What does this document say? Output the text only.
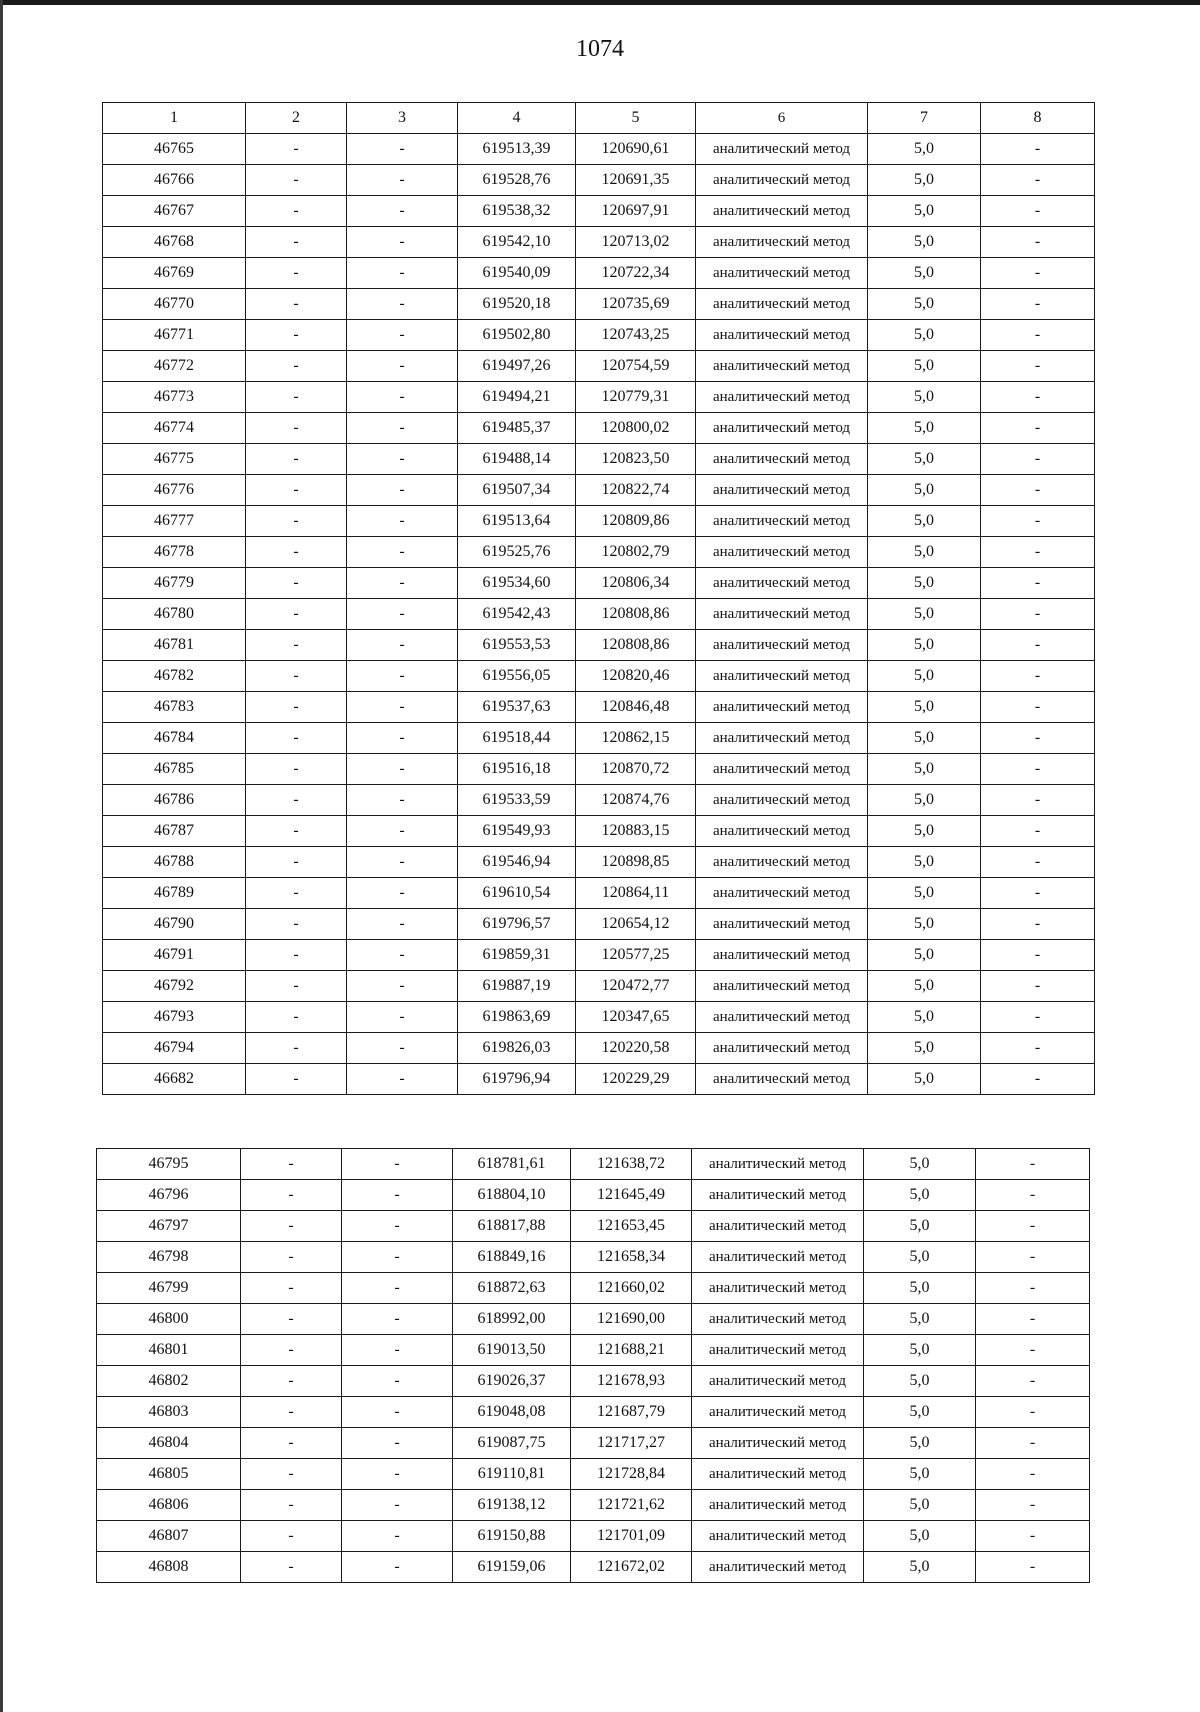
1074
1	2	3	4	5	6	7	8
46765	-	-	619513,39	120690,61	аналитический метод	5,0	-
46766	-	-	619528,76	120691,35	аналитический метод	5,0	-
46767	-	-	619538,32	120697,91	аналитический метод	5,0	-
46768	-	-	619542,10	120713,02	аналитический метод	5,0	-
46769	-	-	619540,09	120722,34	аналитический метод	5,0	-
46770	-	-	619520,18	120735,69	аналитический метод	5,0	-
46771	-	-	619502,80	120743,25	аналитический метод	5,0	-
46772	-	-	619497,26	120754,59	аналитический метод	5,0	-
46773	-	-	619494,21	120779,31	аналитический метод	5,0	-
46774	-	-	619485,37	120800,02	аналитический метод	5,0	-
46775	-	-	619488,14	120823,50	аналитический метод	5,0	-
46776	-	-	619507,34	120822,74	аналитический метод	5,0	-
46777	-	-	619513,64	120809,86	аналитический метод	5,0	-
46778	-	-	619525,76	120802,79	аналитический метод	5,0	-
46779	-	-	619534,60	120806,34	аналитический метод	5,0	-
46780	-	-	619542,43	120808,86	аналитический метод	5,0	-
46781	-	-	619553,53	120808,86	аналитический метод	5,0	-
46782	-	-	619556,05	120820,46	аналитический метод	5,0	-
46783	-	-	619537,63	120846,48	аналитический метод	5,0	-
46784	-	-	619518,44	120862,15	аналитический метод	5,0	-
46785	-	-	619516,18	120870,72	аналитический метод	5,0	-
46786	-	-	619533,59	120874,76	аналитический метод	5,0	-
46787	-	-	619549,93	120883,15	аналитический метод	5,0	-
46788	-	-	619546,94	120898,85	аналитический метод	5,0	-
46789	-	-	619610,54	120864,11	аналитический метод	5,0	-
46790	-	-	619796,57	120654,12	аналитический метод	5,0	-
46791	-	-	619859,31	120577,25	аналитический метод	5,0	-
46792	-	-	619887,19	120472,77	аналитический метод	5,0	-
46793	-	-	619863,69	120347,65	аналитический метод	5,0	-
46794	-	-	619826,03	120220,58	аналитический метод	5,0	-
46682	-	-	619796,94	120229,29	аналитический метод	5,0	-
46795	-	-	618781,61	121638,72	аналитический метод	5,0	-
46796	-	-	618804,10	121645,49	аналитический метод	5,0	-
46797	-	-	618817,88	121653,45	аналитический метод	5,0	-
46798	-	-	618849,16	121658,34	аналитический метод	5,0	-
46799	-	-	618872,63	121660,02	аналитический метод	5,0	-
46800	-	-	618992,00	121690,00	аналитический метод	5,0	-
46801	-	-	619013,50	121688,21	аналитический метод	5,0	-
46802	-	-	619026,37	121678,93	аналитический метод	5,0	-
46803	-	-	619048,08	121687,79	аналитический метод	5,0	-
46804	-	-	619087,75	121717,27	аналитический метод	5,0	-
46805	-	-	619110,81	121728,84	аналитический метод	5,0	-
46806	-	-	619138,12	121721,62	аналитический метод	5,0	-
46807	-	-	619150,88	121701,09	аналитический метод	5,0	-
46808	-	-	619159,06	121672,02	аналитический метод	5,0	-
